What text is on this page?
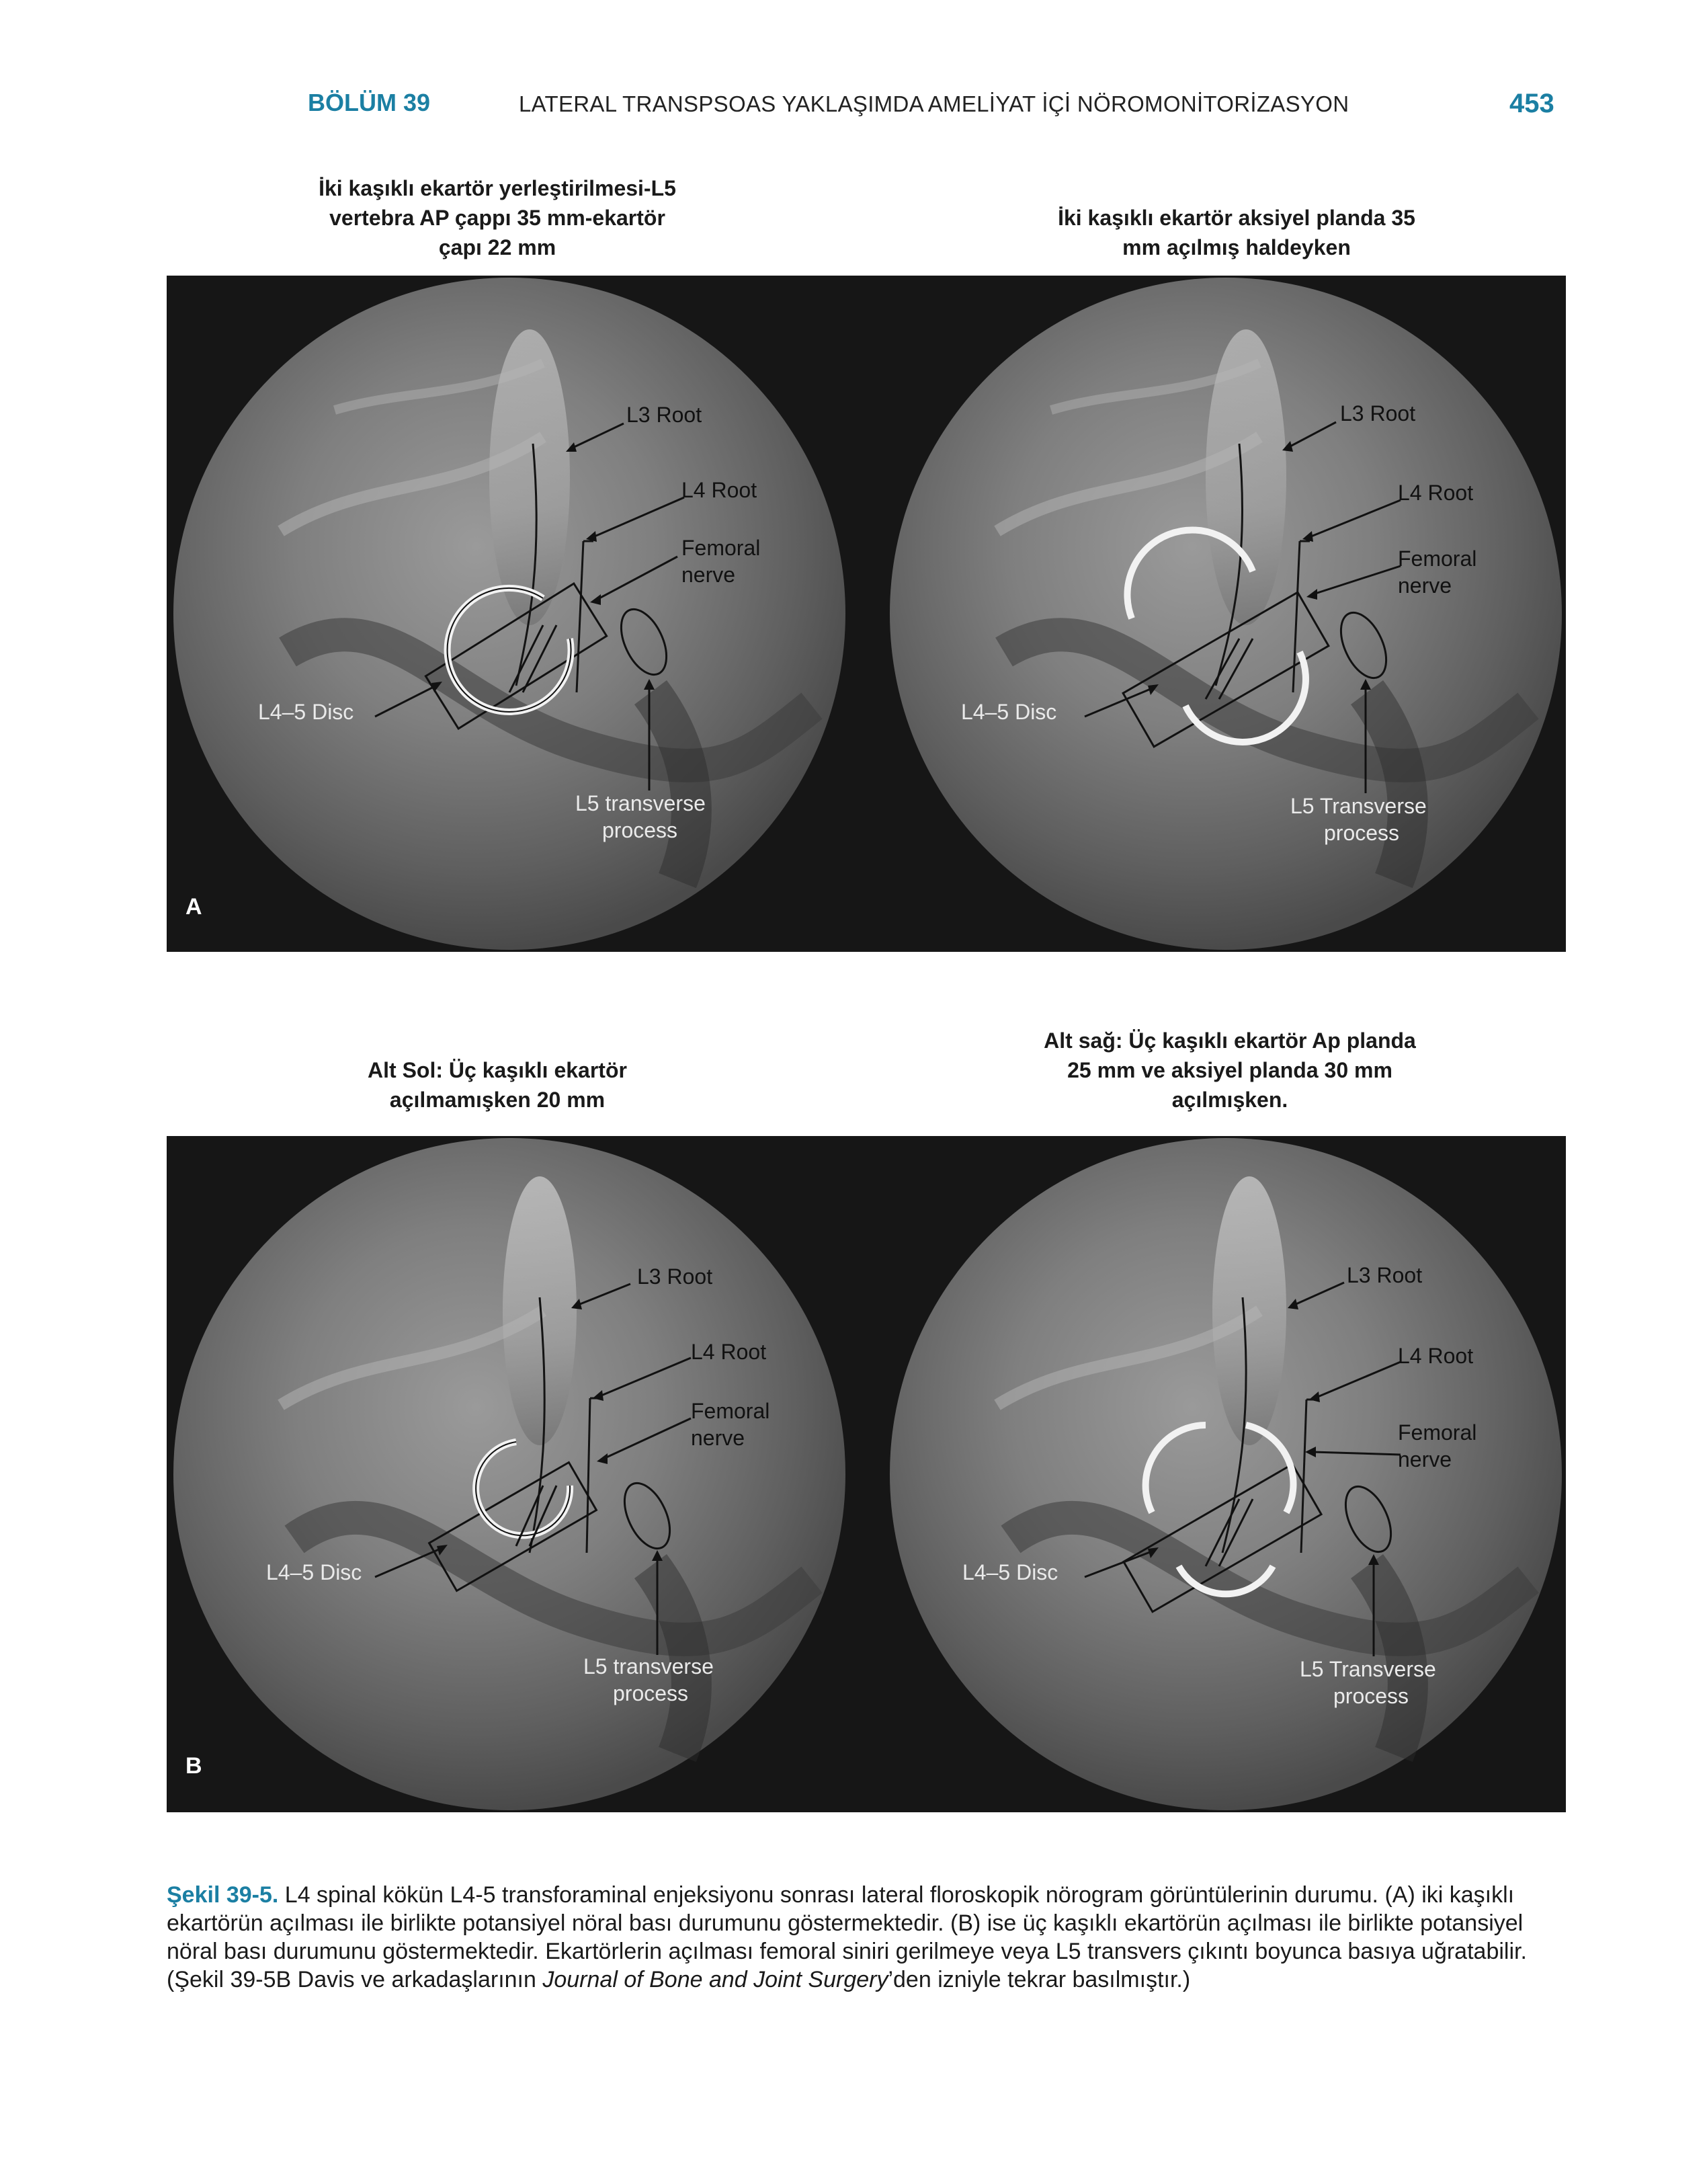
BÖLÜM 39	LATERAL TRANSPSOAS YAKLAŞIMDA AMELİYAT İÇİ NÖROMONİTORİZASYON	453
İki kaşıklı ekartör yerleştirilmesi-L5
vertebra AP çappı 35 mm-ekartör
çapı 22 mm
İki kaşıklı ekartör aksiyel planda 35
mm açılmış haldeyken
L3 Root
L4 Root
Femoral
nerve
L4–5 Disc
L5 transverse
process
L3 Root
L4 Root
Femoral
nerve
L4–5 Disc
L5 Transverse
process
A
Alt Sol: Üç kaşıklı ekartör
açılmamışken 20 mm
Alt sağ: Üç kaşıklı ekartör Ap planda
25 mm ve aksiyel planda 30 mm
açılmışken.
L3 Root
L4 Root
Femoral
nerve
L4–5 Disc
L5 transverse
process
L3 Root
L4 Root
Femoral
nerve
L4–5 Disc
L5 Transverse
process
B
Şekil 39-5. L4 spinal kökün L4-5 transforaminal enjeksiyonu sonrası lateral floroskopik nörogram görüntülerinin durumu. (A) iki kaşıklı ekartörün açılması ile birlikte potansiyel nöral bası durumunu göstermektedir. (B) ise üç kaşıklı ekartörün açılması ile birlikte potansiyel nöral bası durumunu göstermektedir. Ekartörlerin açılması femoral siniri gerilmeye veya L5 transvers çıkıntı boyunca basıya uğratabilir. (Şekil 39-5B Davis ve arkadaşlarının Journal of Bone and Joint Surgery’den izniyle tekrar basılmıştır.)
